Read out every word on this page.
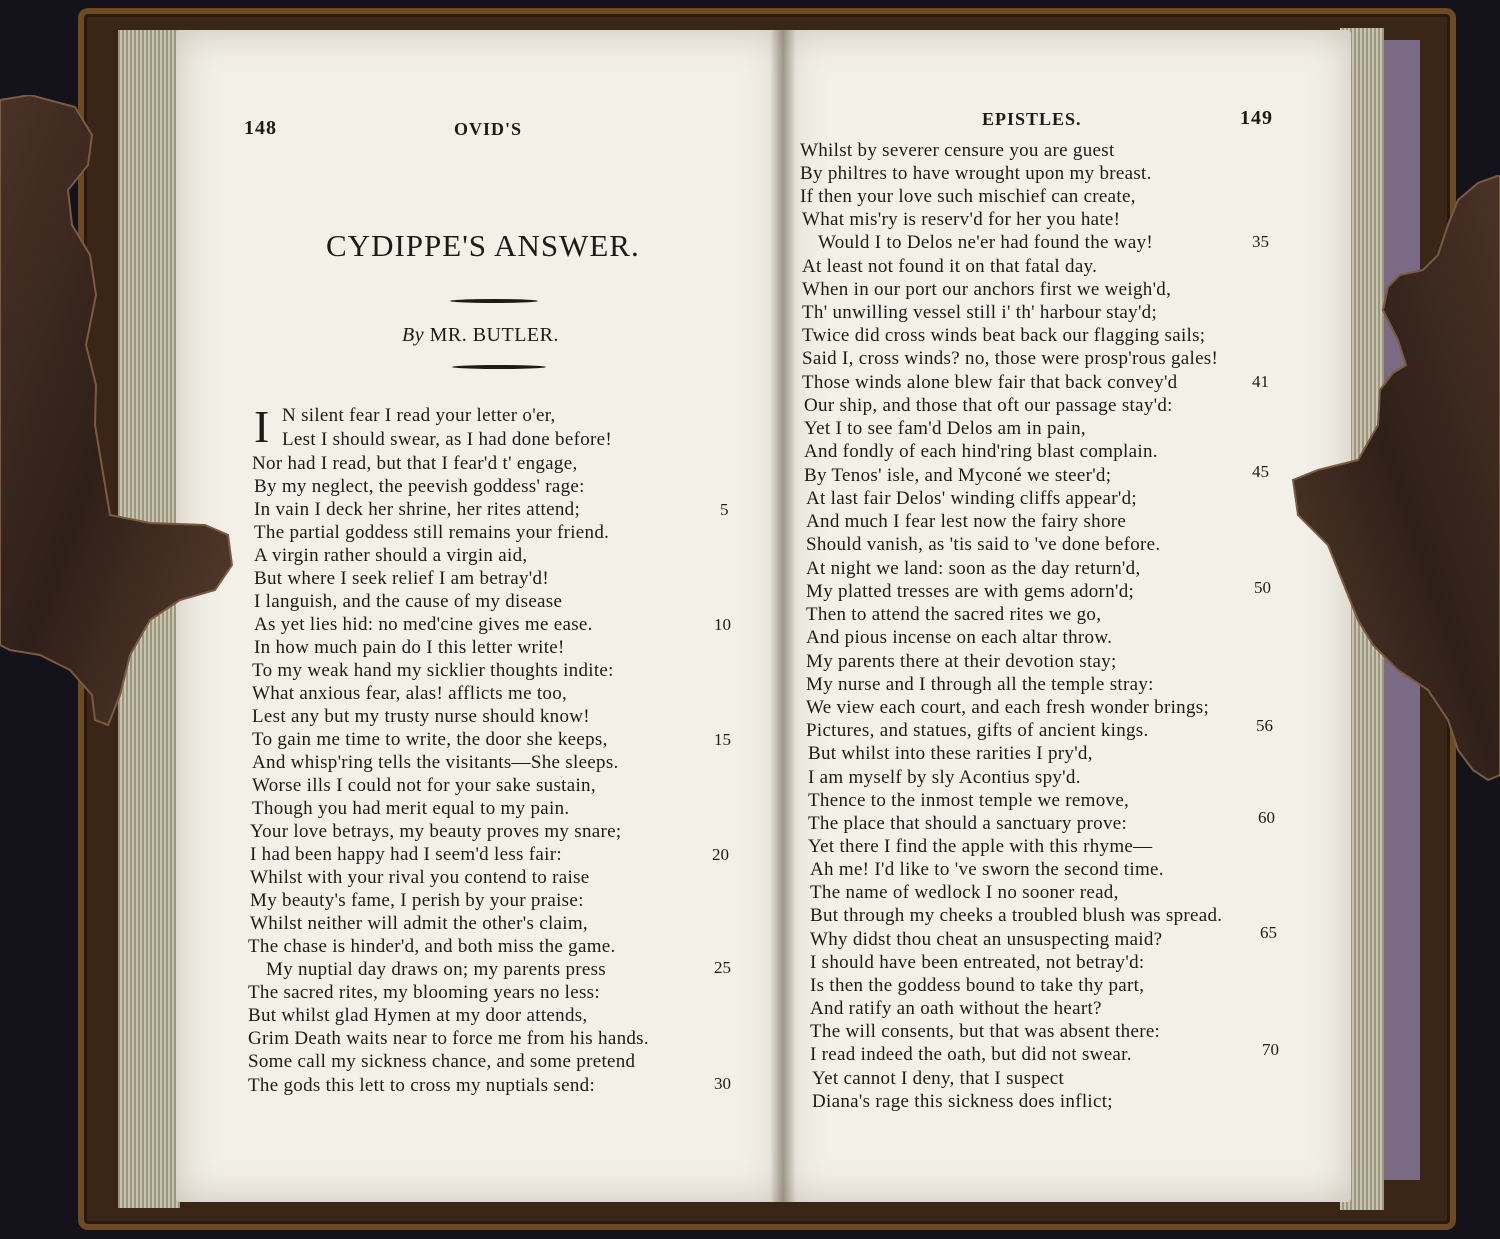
148	OVID'S
CYDIPPE'S ANSWER.
By MR. BUTLER.
I N silent fear I read your letter o'er,
Lest I should swear, as I had done before!
Nor had I read, but that I fear'd t' engage,
By my neglect, the peevish goddess' rage:
In vain I deck her shrine, her rites attend;
The partial goddess still remains your friend.
A virgin rather should a virgin aid,
But where I seek relief I am betray'd!
I languish, and the cause of my disease
As yet lies hid: no med'cine gives me ease.
In how much pain do I this letter write!
To my weak hand my sicklier thoughts indite:
What anxious fear, alas! afflicts me too,
Lest any but my trusty nurse should know!
To gain me time to write, the door she keeps,
And whisp'ring tells the visitants—She sleeps.
Worse ills I could not for your sake sustain,
Though you had merit equal to my pain.
Your love betrays, my beauty proves my snare;
I had been happy had I seem'd less fair:
Whilst with your rival you contend to raise
My beauty's fame, I perish by your praise:
Whilst neither will admit the other's claim,
The chase is hinder'd, and both miss the game.
My nuptial day draws on; my parents press
The sacred rites, my blooming years no less:
But whilst glad Hymen at my door attends,
Grim Death waits near to force me from his hands.
Some call my sickness chance, and some pretend
The gods this lett to cross my nuptials send:
5
10
15
20
25
30
EPISTLES.	149
Whilst by severer censure you are guest
By philtres to have wrought upon my breast.
If then your love such mischief can create,
What mis'ry is reserv'd for her you hate!
Would I to Delos ne'er had found the way!
At least not found it on that fatal day.
When in our port our anchors first we weigh'd,
Th' unwilling vessel still i' th' harbour stay'd;
Twice did cross winds beat back our flagging sails;
Said I, cross winds? no, those were prosp'rous gales!
Those winds alone blew fair that back convey'd
Our ship, and those that oft our passage stay'd:
Yet I to see fam'd Delos am in pain,
And fondly of each hind'ring blast complain.
By Tenos' isle, and Myconé we steer'd;
At last fair Delos' winding cliffs appear'd;
And much I fear lest now the fairy shore
Should vanish, as 'tis said to 've done before.
At night we land: soon as the day return'd,
My platted tresses are with gems adorn'd;
Then to attend the sacred rites we go,
And pious incense on each altar throw.
My parents there at their devotion stay;
My nurse and I through all the temple stray:
We view each court, and each fresh wonder brings;
Pictures, and statues, gifts of ancient kings.
But whilst into these rarities I pry'd,
I am myself by sly Acontius spy'd.
Thence to the inmost temple we remove,
The place that should a sanctuary prove:
Yet there I find the apple with this rhyme—
Ah me! I'd like to 've sworn the second time.
The name of wedlock I no sooner read,
But through my cheeks a troubled blush was spread.
Why didst thou cheat an unsuspecting maid?
I should have been entreated, not betray'd:
Is then the goddess bound to take thy part,
And ratify an oath without the heart?
The will consents, but that was absent there:
I read indeed the oath, but did not swear.
Yet cannot I deny, that I suspect
Diana's rage this sickness does inflict;
35
41
45
50
56
60
65
70
